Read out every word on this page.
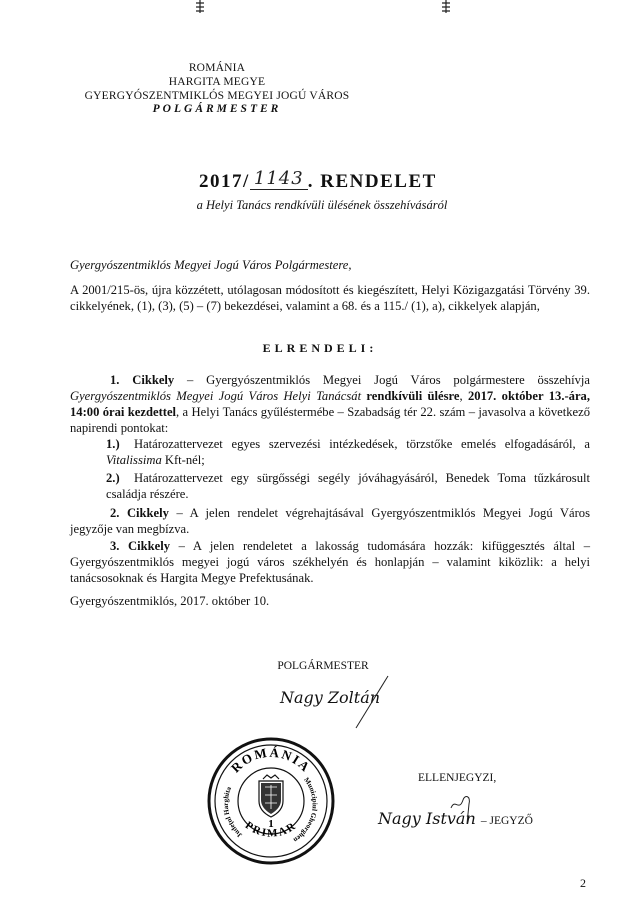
ROMÁNIA
HARGITA MEGYE
GYERGYÓSZENTMIKLÓS MEGYEI JOGÚ VÁROS
POLGÁRMESTER
2017/ 1143 . RENDELET
a Helyi Tanács rendkívüli ülésének összehívásáról
Gyergyószentmiklós Megyei Jogú Város Polgármestere,
A 2001/215-ös, újra közzétett, utólagosan módosított és kiegészített, Helyi Közigazgatási Törvény 39. cikkelyének, (1), (3), (5) – (7) bekezdései, valamint a 68. és a 115./ (1), a), cikkelyek alapján,
ELRENDELI:
1. Cikkely – Gyergyószentmiklós Megyei Jogú Város polgármestere összehívja Gyergyószentmiklós Megyei Jogú Város Helyi Tanácsát rendkívüli ülésre, 2017. október 13.-ára, 14:00 órai kezdettel, a Helyi Tanács gyűléstermébe – Szabadság tér 22. szám – javasolva a következő napirendi pontokat:
1.) Határozattervezet egyes szervezési intézkedések, törzstőke emelés elfogadásáról, a Vitalissima Kft-nél;
2.) Határozattervezet egy sürgősségi segély jóváhagyásáról, Benedek Toma tűzkárosult családja részére.
2. Cikkely – A jelen rendelet végrehajtásával Gyergyószentmiklós Megyei Jogú Város jegyzője van megbízva.
3. Cikkely – A jelen rendeletet a lakosság tudomására hozzák: kifüggesztés által – Gyergyószentmiklós megyei jogú város székhelyén és honlapján – valamint kiközlik: a helyi tanácsosoknak és Hargita Megye Prefektusának.
Gyergyószentmiklós, 2017. október 10.
POLGÁRMESTER
Nagy Zoltán
ROMÁNIA
Judeţul Harghita
Municipiul Gheorghen
PRIMAR
1
ELLENJEGYZI,
Nagy István – JEGYZŐ
2
